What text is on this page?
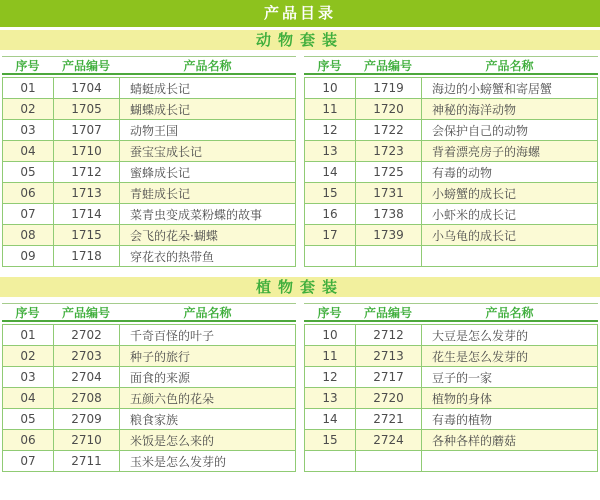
产品目录
动物套装
序号	产品编号	产品名称
01	1704	蜻蜓成长记
02	1705	蝴蝶成长记
03	1707	动物王国
04	1710	蚕宝宝成长记
05	1712	蜜蜂成长记
06	1713	青蛙成长记
07	1714	菜青虫变成菜粉蝶的故事
08	1715	会飞的花朵·蝴蝶
09	1718	穿花衣的热带鱼
序号	产品编号	产品名称
10	1719	海边的小螃蟹和寄居蟹
11	1720	神秘的海洋动物
12	1722	会保护自己的动物
13	1723	背着漂亮房子的海螺
14	1725	有毒的动物
15	1731	小螃蟹的成长记
16	1738	小虾米的成长记
17	1739	小乌龟的成长记

植物套装
序号	产品编号	产品名称
01	2702	千奇百怪的叶子
02	2703	种子的旅行
03	2704	面食的来源
04	2708	五颜六色的花朵
05	2709	粮食家族
06	2710	米饭是怎么来的
07	2711	玉米是怎么发芽的
序号	产品编号	产品名称
10	2712	大豆是怎么发芽的
11	2713	花生是怎么发芽的
12	2717	豆子的一家
13	2720	植物的身体
14	2721	有毒的植物
15	2724	各种各样的蘑菇
